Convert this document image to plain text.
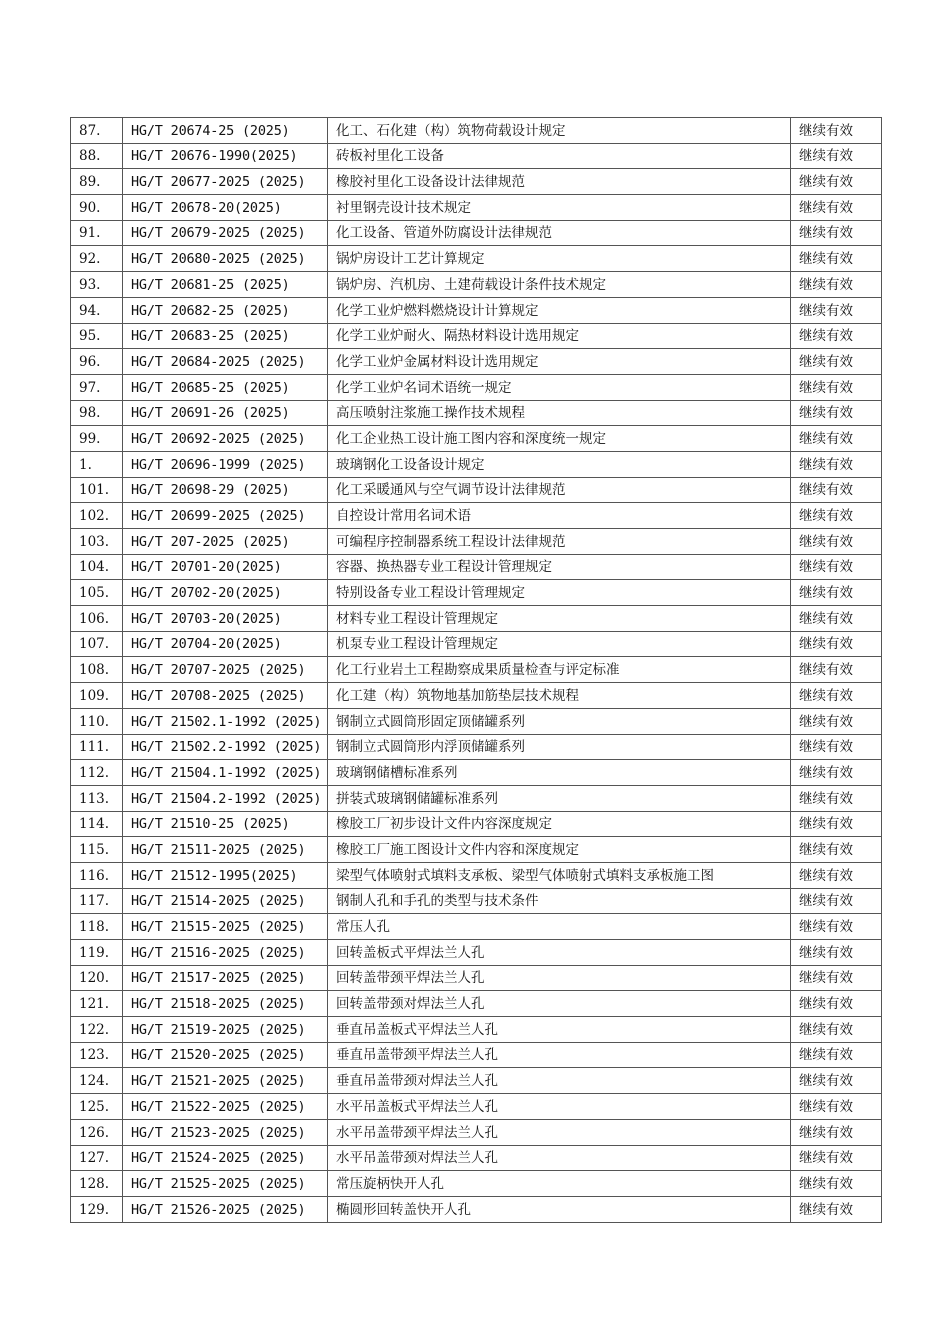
87.	HG/T 20674-25 (2025)	化工、石化建（构）筑物荷载设计规定	继续有效
88.	HG/T 20676-1990(2025)	砖板衬里化工设备	继续有效
89.	HG/T 20677-2025 (2025)	橡胶衬里化工设备设计法律规范	继续有效
90.	HG/T 20678-20(2025)	衬里钢壳设计技术规定	继续有效
91.	HG/T 20679-2025 (2025)	化工设备、管道外防腐设计法律规范	继续有效
92.	HG/T 20680-2025 (2025)	锅炉房设计工艺计算规定	继续有效
93.	HG/T 20681-25 (2025)	锅炉房、汽机房、土建荷载设计条件技术规定	继续有效
94.	HG/T 20682-25 (2025)	化学工业炉燃料燃烧设计计算规定	继续有效
95.	HG/T 20683-25 (2025)	化学工业炉耐火、隔热材料设计选用规定	继续有效
96.	HG/T 20684-2025 (2025)	化学工业炉金属材料设计选用规定	继续有效
97.	HG/T 20685-25 (2025)	化学工业炉名词术语统一规定	继续有效
98.	HG/T 20691-26 (2025)	高压喷射注浆施工操作技术规程	继续有效
99.	HG/T 20692-2025 (2025)	化工企业热工设计施工图内容和深度统一规定	继续有效
1.	HG/T 20696-1999 (2025)	玻璃钢化工设备设计规定	继续有效
101.	HG/T 20698-29 (2025)	化工采暖通风与空气调节设计法律规范	继续有效
102.	HG/T 20699-2025 (2025)	自控设计常用名词术语	继续有效
103.	HG/T 207-2025 (2025)	可编程序控制器系统工程设计法律规范	继续有效
104.	HG/T 20701-20(2025)	容器、换热器专业工程设计管理规定	继续有效
105.	HG/T 20702-20(2025)	特别设备专业工程设计管理规定	继续有效
106.	HG/T 20703-20(2025)	材料专业工程设计管理规定	继续有效
107.	HG/T 20704-20(2025)	机泵专业工程设计管理规定	继续有效
108.	HG/T 20707-2025 (2025)	化工行业岩土工程勘察成果质量检查与评定标准	继续有效
109.	HG/T 20708-2025 (2025)	化工建（构）筑物地基加筋垫层技术规程	继续有效
110.	HG/T 21502.1-1992 (2025)	钢制立式圆筒形固定顶储罐系列	继续有效
111.	HG/T 21502.2-1992 (2025)	钢制立式圆筒形内浮顶储罐系列	继续有效
112.	HG/T 21504.1-1992 (2025)	玻璃钢储槽标准系列	继续有效
113.	HG/T 21504.2-1992 (2025)	拼装式玻璃钢储罐标准系列	继续有效
114.	HG/T 21510-25 (2025)	橡胶工厂初步设计文件内容深度规定	继续有效
115.	HG/T 21511-2025 (2025)	橡胶工厂施工图设计文件内容和深度规定	继续有效
116.	HG/T 21512-1995(2025)	梁型气体喷射式填料支承板、梁型气体喷射式填料支承板施工图	继续有效
117.	HG/T 21514-2025 (2025)	钢制人孔和手孔的类型与技术条件	继续有效
118.	HG/T 21515-2025 (2025)	常压人孔	继续有效
119.	HG/T 21516-2025 (2025)	回转盖板式平焊法兰人孔	继续有效
120.	HG/T 21517-2025 (2025)	回转盖带颈平焊法兰人孔	继续有效
121.	HG/T 21518-2025 (2025)	回转盖带颈对焊法兰人孔	继续有效
122.	HG/T 21519-2025 (2025)	垂直吊盖板式平焊法兰人孔	继续有效
123.	HG/T 21520-2025 (2025)	垂直吊盖带颈平焊法兰人孔	继续有效
124.	HG/T 21521-2025 (2025)	垂直吊盖带颈对焊法兰人孔	继续有效
125.	HG/T 21522-2025 (2025)	水平吊盖板式平焊法兰人孔	继续有效
126.	HG/T 21523-2025 (2025)	水平吊盖带颈平焊法兰人孔	继续有效
127.	HG/T 21524-2025 (2025)	水平吊盖带颈对焊法兰人孔	继续有效
128.	HG/T 21525-2025 (2025)	常压旋柄快开人孔	继续有效
129.	HG/T 21526-2025 (2025)	椭圆形回转盖快开人孔	继续有效
